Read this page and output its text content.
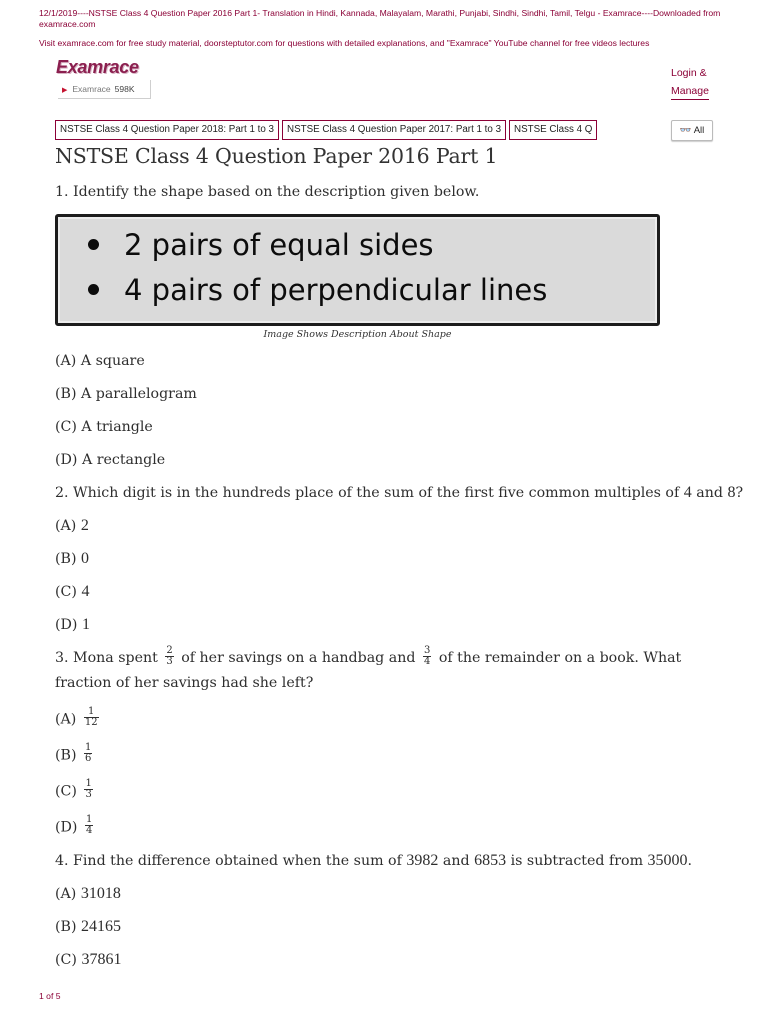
12/1/2019----NSTSE Class 4 Question Paper 2016 Part 1- Translation in Hindi, Kannada, Malayalam, Marathi, Punjabi, Sindhi, Sindhi, Tamil, Telgu - Examrace----Downloaded from examrace.com
Visit examrace.com for free study material, doorsteptutor.com for questions with detailed explanations, and "Examrace" YouTube channel for free videos lectures
Examrace
▶ Examrace 598K
Login &
Manage
NSTSE Class 4 Question Paper 2018: Part 1 to 3 NSTSE Class 4 Question Paper 2017: Part 1 to 3 NSTSE Class 4 Q	👓 All
NSTSE Class 4 Question Paper 2016 Part 1
1. Identify the shape based on the description given below.
2 pairs of equal sides
4 pairs of perpendicular lines
Image Shows Description About Shape
(A) A square
(B) A parallelogram
(C) A triangle
(D) A rectangle
2. Which digit is in the hundreds place of the sum of the first five common multiples of 4 and 8?
(A) 2
(B) 0
(C) 4
(D) 1
3. Mona spent $\frac{2}{3}$ of her savings on a handbag and $\frac{3}{4}$ of the remainder on a book. What fraction of her savings had she left?
$(A) \frac{1}{12}$
$(B) \frac{1}{6}$
$(C) \frac{1}{3}$
$(D) \frac{1}{4}$
4. Find the difference obtained when the sum of 3982 and 6853 is subtracted from 35000.
(A) 31018
(B) 24165
(C) 37861
1 of 5
